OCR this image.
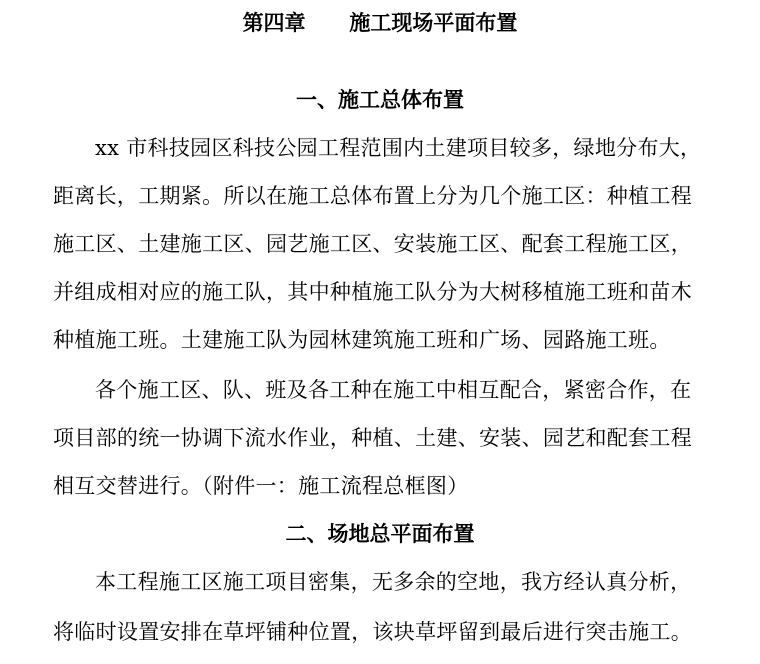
第四章      施工现场平面布置
一、施工总体布置
xx 市科技园区科技公园工程范围内土建项目较多，绿地分布大，
距离长，工期紧。所以在施工总体布置上分为几个施工区：种植工程
施工区、土建施工区、园艺施工区、安装施工区、配套工程施工区，
并组成相对应的施工队，其中种植施工队分为大树移植施工班和苗木
种植施工班。土建施工队为园林建筑施工班和广场、园路施工班。
各个施工区、队、班及各工种在施工中相互配合，紧密合作，在
项目部的统一协调下流水作业，种植、土建、安装、园艺和配套工程
相互交替进行。（附件一：施工流程总框图）
二、场地总平面布置
本工程施工区施工项目密集，无多余的空地，我方经认真分析，
将临时设置安排在草坪铺种位置，该块草坪留到最后进行突击施工。
